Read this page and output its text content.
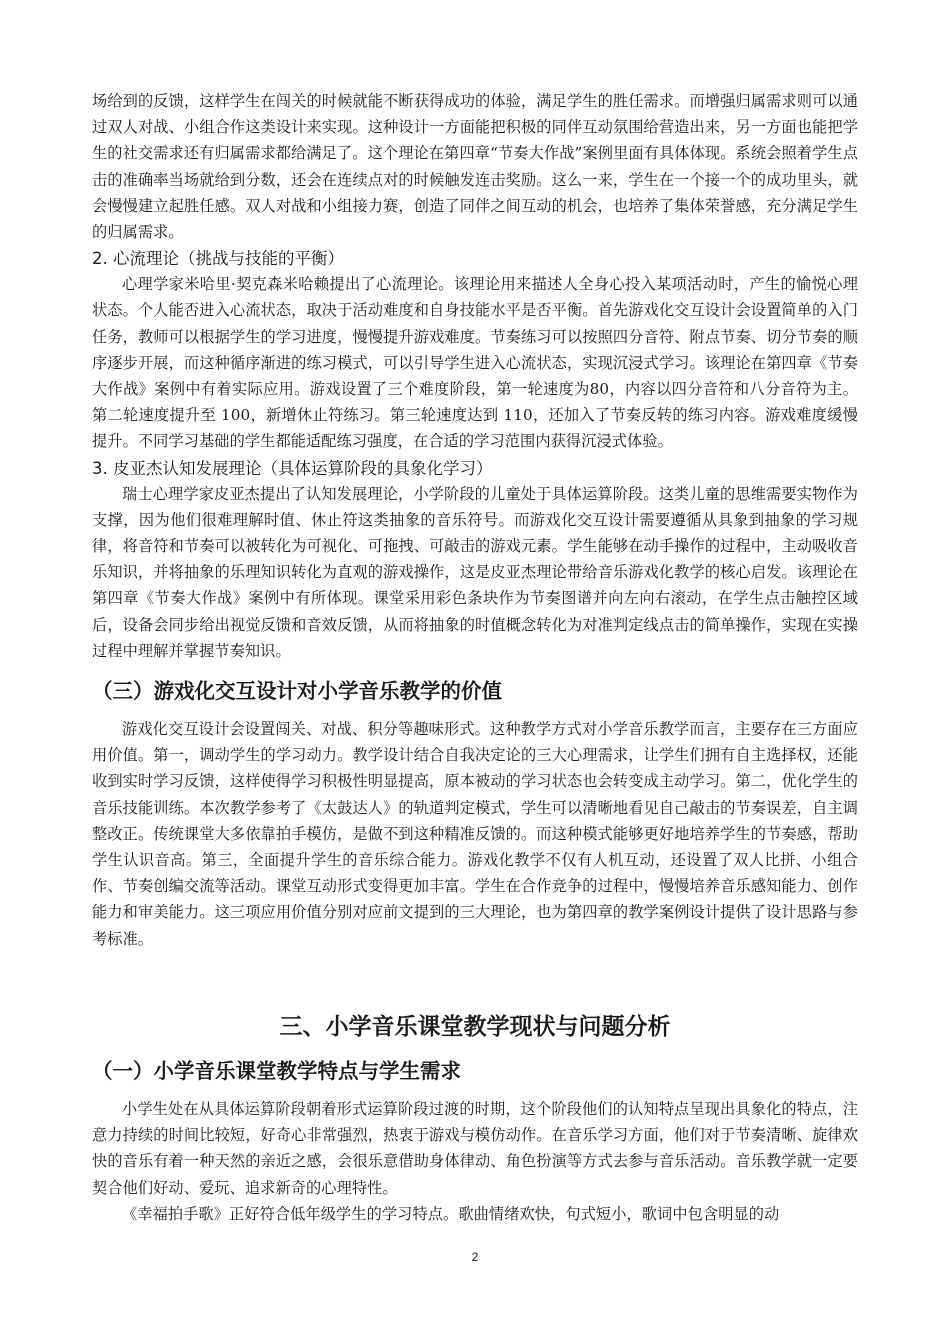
场给到的反馈，这样学生在闯关的时候就能不断获得成功的体验，满足学生的胜任需求。而增强归属需求则可以通过双人对战、小组合作这类设计来实现。这种设计一方面能把积极的同伴互动氛围给营造出来，另一方面也能把学生的社交需求还有归属需求都给满足了。这个理论在第四章“节奏大作战”案例里面有具体体现。系统会照着学生点击的准确率当场就给到分数，还会在连续点对的时候触发连击奖励。这么一来，学生在一个接一个的成功里头，就会慢慢建立起胜任感。双人对战和小组接力赛，创造了同伴之间互动的机会，也培养了集体荣誉感，充分满足学生的归属需求。

2. 心流理论（挑战与技能的平衡）

心理学家米哈里·契克森米哈赖提出了心流理论。该理论用来描述人全身心投入某项活动时，产生的愉悦心理状态。个人能否进入心流状态，取决于活动难度和自身技能水平是否平衡。首先游戏化交互设计会设置简单的入门任务，教师可以根据学生的学习进度，慢慢提升游戏难度。节奏练习可以按照四分音符、附点节奏、切分节奏的顺序逐步开展，而这种循序渐进的练习模式，可以引导学生进入心流状态，实现沉浸式学习。该理论在第四章《节奏大作战》案例中有着实际应用。游戏设置了三个难度阶段，第一轮速度为80，内容以四分音符和八分音符为主。第二轮速度提升至 100，新增休止符练习。第三轮速度达到 110，还加入了节奏反转的练习内容。游戏难度缓慢提升。不同学习基础的学生都能适配练习强度，在合适的学习范围内获得沉浸式体验。

3. 皮亚杰认知发展理论（具体运算阶段的具象化学习）

瑞士心理学家皮亚杰提出了认知发展理论，小学阶段的儿童处于具体运算阶段。这类儿童的思维需要实物作为支撑，因为他们很难理解时值、休止符这类抽象的音乐符号。而游戏化交互设计需要遵循从具象到抽象的学习规律，将音符和节奏可以被转化为可视化、可拖拽、可敲击的游戏元素。学生能够在动手操作的过程中，主动吸收音乐知识，并将抽象的乐理知识转化为直观的游戏操作，这是皮亚杰理论带给音乐游戏化教学的核心启发。该理论在第四章《节奏大作战》案例中有所体现。课堂采用彩色条块作为节奏图谱并向左向右滚动，在学生点击触控区域后，设备会同步给出视觉反馈和音效反馈，从而将抽象的时值概念转化为对准判定线点击的简单操作，实现在实操过程中理解并掌握节奏知识。

（三）游戏化交互设计对小学音乐教学的价值

游戏化交互设计会设置闯关、对战、积分等趣味形式。这种教学方式对小学音乐教学而言，主要存在三方面应用价值。第一，调动学生的学习动力。教学设计结合自我决定论的三大心理需求，让学生们拥有自主选择权，还能收到实时学习反馈，这样使得学习积极性明显提高，原本被动的学习状态也会转变成主动学习。第二，优化学生的音乐技能训练。本次教学参考了《太鼓达人》的轨道判定模式，学生可以清晰地看见自己敲击的节奏误差，自主调整改正。传统课堂大多依靠拍手模仿，是做不到这种精准反馈的。而这种模式能够更好地培养学生的节奏感，帮助学生认识音高。第三，全面提升学生的音乐综合能力。游戏化教学不仅有人机互动，还设置了双人比拼、小组合作、节奏创编交流等活动。课堂互动形式变得更加丰富。学生在合作竞争的过程中，慢慢培养音乐感知能力、创作能力和审美能力。这三项应用价值分别对应前文提到的三大理论，也为第四章的教学案例设计提供了设计思路与参考标准。

三、小学音乐课堂教学现状与问题分析
（一）小学音乐课堂教学特点与学生需求

小学生处在从具体运算阶段朝着形式运算阶段过渡的时期，这个阶段他们的认知特点呈现出具象化的特点，注意力持续的时间比较短，好奇心非常强烈，热衷于游戏与模仿动作。在音乐学习方面，他们对于节奏清晰、旋律欢快的音乐有着一种天然的亲近之感，会很乐意借助身体律动、角色扮演等方式去参与音乐活动。音乐教学就一定要契合他们好动、爱玩、追求新奇的心理特性。

《幸福拍手歌》正好符合低年级学生的学习特点。歌曲情绪欢快，句式短小，歌词中包含明显的动

2
